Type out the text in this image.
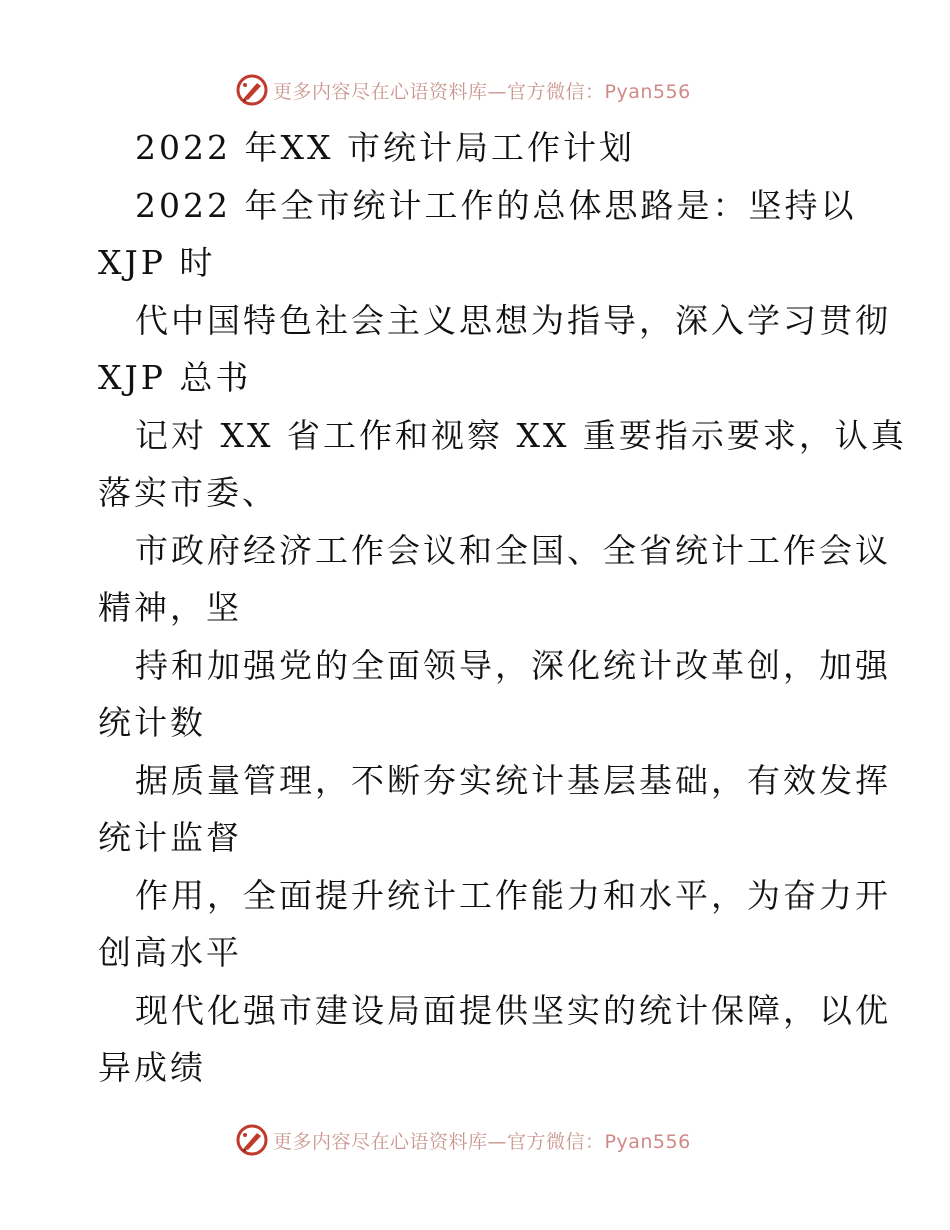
更多内容尽在心语资料库—官方微信：Pyan556
2022 年XX 市统计局工作计划
2022 年全市统计工作的总体思路是：坚持以
XJP 时
代中国特色社会主义思想为指导，深入学习贯彻
XJP 总书
记对 XX 省工作和视察 XX 重要指示要求，认真
落实市委、
市政府经济工作会议和全国、全省统计工作会议
精神，坚
持和加强党的全面领导，深化统计改革创，加强
统计数
据质量管理，不断夯实统计基层基础，有效发挥
统计监督
作用，全面提升统计工作能力和水平，为奋力开
创高水平
现代化强市建设局面提供坚实的统计保障，以优
异成绩
更多内容尽在心语资料库—官方微信：Pyan556
